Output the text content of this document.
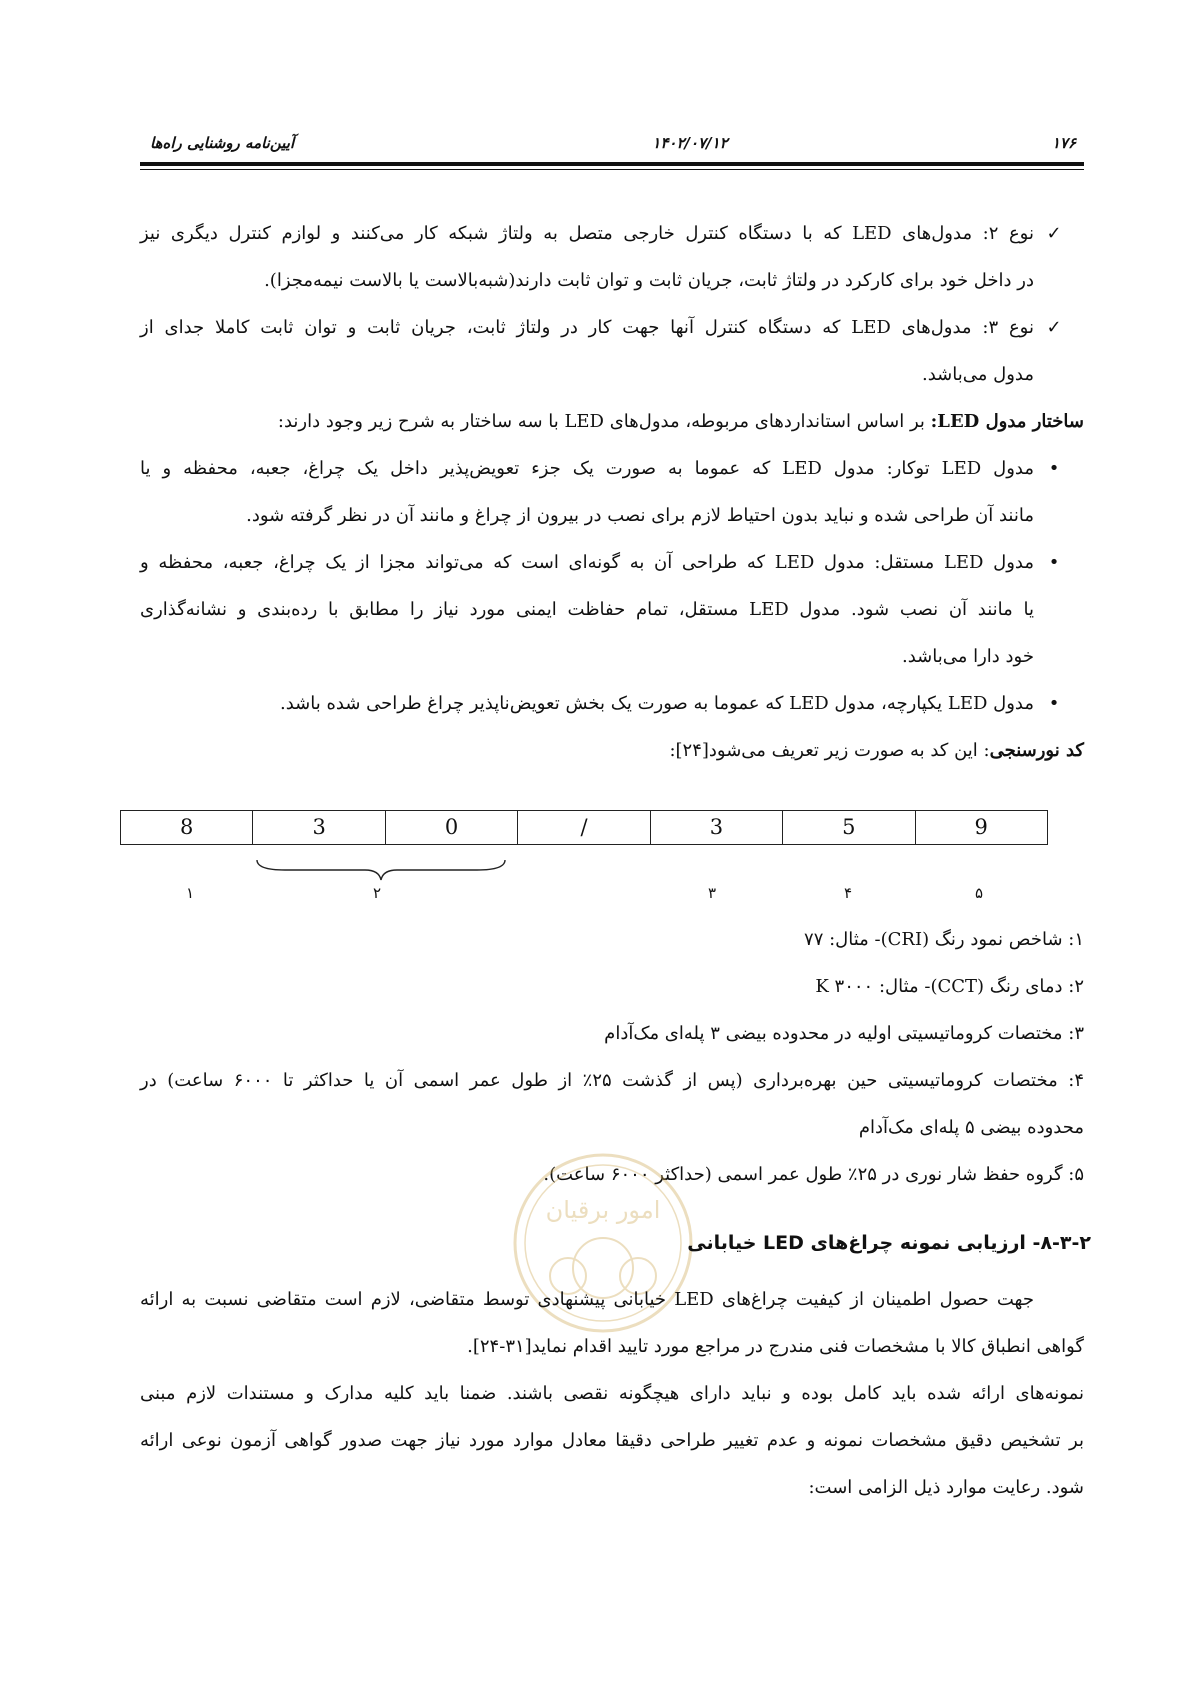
۱۷۶
۱۴۰۲/۰۷/۱۲
آیین‌نامه روشنایی راه‌ها
✓
نوع ۲: مدول‌های LED که با دستگاه کنترل خارجی متصل به ولتاژ شبکه کار می‌کنند و لوازم کنترل دیگری نیز
در داخل خود برای کارکرد در ولتاژ ثابت، جریان ثابت و توان ثابت دارند(شبه‌بالاست یا بالاست نیمه‌مجزا).
✓
نوع ۳: مدول‌های LED که دستگاه کنترل آنها جهت کار در ولتاژ ثابت، جریان ثابت و توان ثابت کاملا جدای از
مدول می‌باشد.
ساختار مدول LED: بر اساس استانداردهای مربوطه، مدول‌های LED با سه ساختار به شرح زیر وجود دارند:
•
مدول LED توکار: مدول LED که عموما به صورت یک جزء تعویض‌پذیر داخل یک چراغ، جعبه، محفظه و یا
مانند آن طراحی شده و نباید بدون احتیاط لازم برای نصب در بیرون از چراغ و مانند آن در نظر گرفته شود.
•
مدول LED مستقل: مدول LED که طراحی آن به گونه‌ای است که می‌تواند مجزا از یک چراغ، جعبه، محفظه و
یا مانند آن نصب شود. مدول LED مستقل، تمام حفاظت ایمنی مورد نیاز را مطابق با رده‌بندی و نشانه‌گذاری
خود دارا می‌باشد.
•
مدول LED یکپارچه، مدول LED که عموما به صورت یک بخش تعویض‌ناپذیر چراغ طراحی شده باشد.
کد نورسنجی: این کد به صورت زیر تعریف می‌شود[۲۴]:
8	3	0	/	3	5	9
۱	۲	۳	۴	۵
۱: شاخص نمود رنگ (CRI)- مثال: ۷۷
۲: دمای رنگ (CCT)- مثال: K ۳۰۰۰
۳: مختصات کروماتیسیتی اولیه در محدوده بیضی ۳ پله‌ای مک‌آدام
۴: مختصات کروماتیسیتی حین بهره‌برداری (پس از گذشت ۲۵٪ از طول عمر اسمی آن یا حداکثر تا ۶۰۰۰ ساعت) در
محدوده بیضی ۵ پله‌ای مک‌آدام
۵: گروه حفظ شار نوری در ۲۵٪ طول عمر اسمی (حداکثر ۶۰۰۰ ساعت).
امور برقیان
۸-۳-۲- ارزیابی نمونه چراغ‌های LED خیابانی
جهت حصول اطمینان از کیفیت چراغ‌های LED خیابانی پیشنهادی توسط متقاضی، لازم است متقاضی نسبت به ارائه
گواهی انطباق کالا با مشخصات فنی مندرج در مراجع مورد تایید اقدام نماید[۳۱-۲۴].
نمونه‌های ارائه شده باید کامل بوده و نباید دارای هیچگونه نقصی باشند. ضمنا باید کلیه مدارک و مستندات لازم مبنی
بر تشخیص دقیق مشخصات نمونه و عدم تغییر طراحی دقیقا معادل موارد مورد نیاز جهت صدور گواهی آزمون نوعی ارائه
شود. رعایت موارد ذیل الزامی است:
